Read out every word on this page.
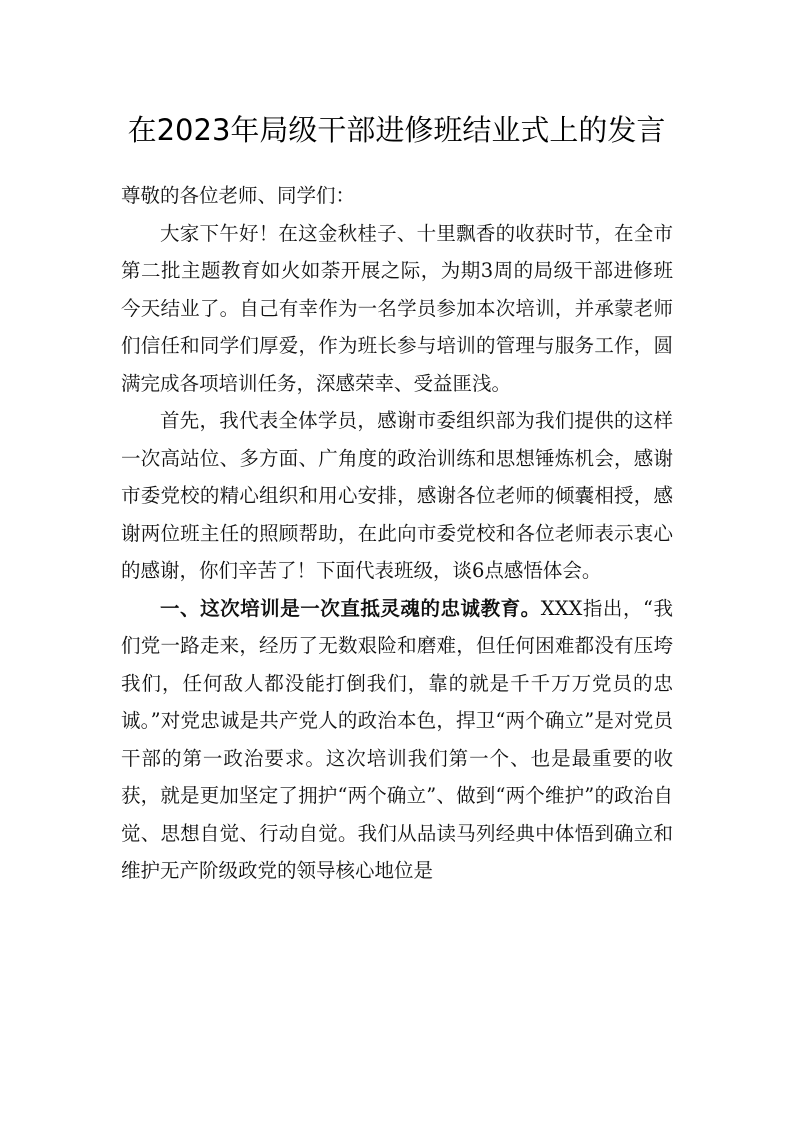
在2023年局级干部进修班结业式上的发言

尊敬的各位老师、同学们：

大家下午好！在这金秋桂子、十里飘香的收获时节，在全市第二批主题教育如火如荼开展之际，为期3周的局级干部进修班今天结业了。自己有幸作为一名学员参加本次培训，并承蒙老师们信任和同学们厚爱，作为班长参与培训的管理与服务工作，圆满完成各项培训任务，深感荣幸、受益匪浅。

首先，我代表全体学员，感谢市委组织部为我们提供的这样一次高站位、多方面、广角度的政治训练和思想锤炼机会，感谢市委党校的精心组织和用心安排，感谢各位老师的倾囊相授，感谢两位班主任的照顾帮助，在此向市委党校和各位老师表示衷心的感谢，你们辛苦了！下面代表班级，谈6点感悟体会。

一、这次培训是一次直抵灵魂的忠诚教育。XXX指出，“我们党一路走来，经历了无数艰险和磨难，但任何困难都没有压垮我们，任何敌人都没能打倒我们，靠的就是千千万万党员的忠诚。”对党忠诚是共产党人的政治本色，捍卫“两个确立”是对党员干部的第一政治要求。这次培训我们第一个、也是最重要的收获，就是更加坚定了拥护“两个确立”、做到“两个维护”的政治自觉、思想自觉、行动自觉。我们从品读马列经典中体悟到确立和维护无产阶级政党的领导核心地位是
